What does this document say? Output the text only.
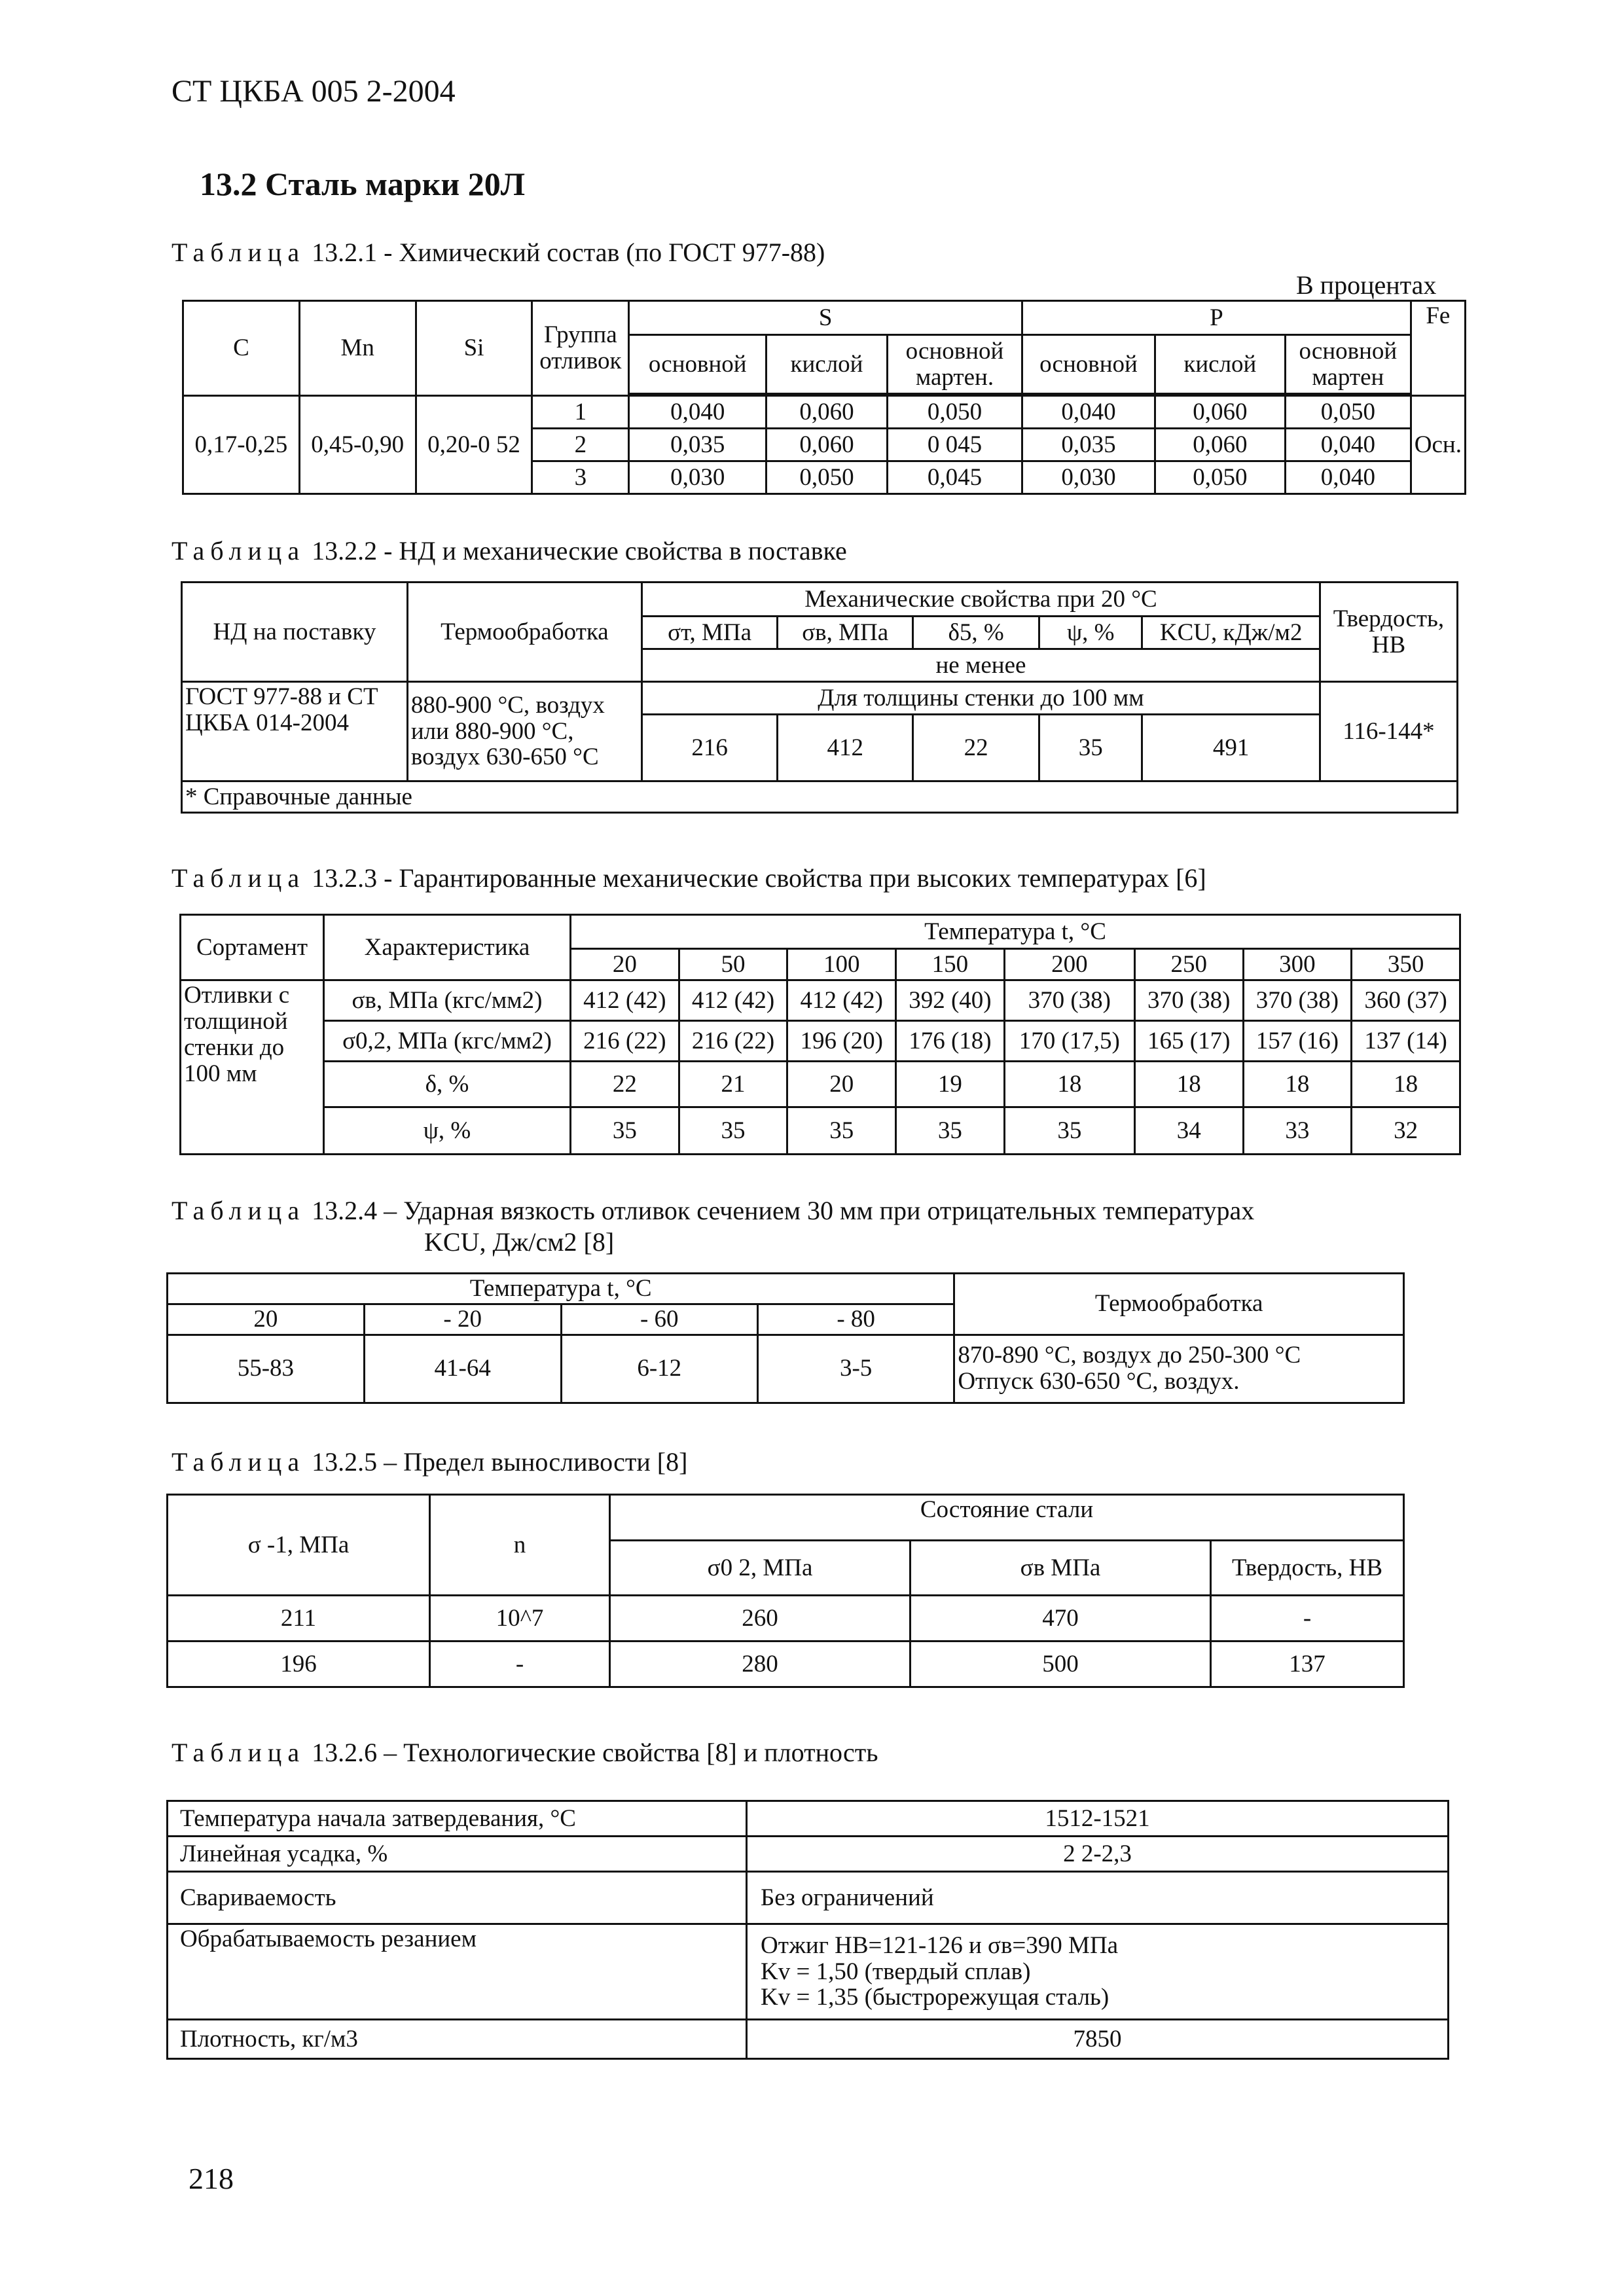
СТ ЦКБА 005 2-2004
13.2 Сталь марки 20Л
Таблица 13.2.1 - Химический состав (по ГОСТ 977-88)
В процентах
С	Mn	Si	Группа отливок	S			P			Fe
				основной	кислой	основной мартен.	основной	кислой	основной мартен	

0,17-0,25	0,45-0,90	0,20-0 52	1	0,040	0,060	0,050	0,040	0,060	0,050	Осн.
			2	0,035	0,060	0 045	0,035	0,060	0,040	
			3	0,030	0,050	0,045	0,030	0,050	0,040	
Таблица 13.2.2 - НД и механические свойства в поставке
НД на поставку	Термообработка	Механические свойства при 20 °С					Твердость, НВ
		σт, МПа	σв, МПа	δ5, %	ψ, %	KCU, кДж/м2	
		не менее					
ГОСТ 977-88 и СТ ЦКБА 014-2004	880-900 °С, воздух или 880-900 °С, воздух 630-650 °С	Для толщины стенки до 100 мм					116-144*
		216	412	22	35	491	
* Справочные данные							
Таблица 13.2.3 - Гарантированные механические свойства при высоких температурах [6]
Сортамент	Характеристика	Температура t, °С							
		20	50	100	150	200	250	300	350
Отливки с толщиной стенки до 100 мм	σв, МПа (кгс/мм2)	412 (42)	412 (42)	412 (42)	392 (40)	370 (38)	370 (38)	370 (38)	360 (37)
	σ0,2, МПа (кгс/мм2)	216 (22)	216 (22)	196 (20)	176 (18)	170 (17,5)	165 (17)	157 (16)	137 (14)
	δ, %	22	21	20	19	18	18	18	18
	ψ, %	35	35	35	35	35	34	33	32
Таблица 13.2.4 – Ударная вязкость отливок сечением 30 мм при отрицательных температурах
KCU, Дж/см2 [8]
Температура t, °С				Термообработка
20	- 20	- 60	- 80	
55-83	41-64	6-12	3-5	870-890 °С, воздух до 250-300 °С
Отпуск 630-650 °С, воздух.
Таблица 13.2.5 – Предел выносливости [8]
σ -1, МПа	n	Состояние стали		
		σ0 2, МПа	σв МПа	Твердость, НВ
211	10^7	260	470	-
196	-	280	500	137
Таблица 13.2.6 – Технологические свойства [8] и плотность
Температура начала затвердевания, °С	1512-1521
Линейная усадка, %	2 2-2,3
Свариваемость	Без ограничений
Обрабатываемость резанием	Отжиг НВ=121-126 и σв=390 МПа
Kv = 1,50 (твердый сплав)
Kv = 1,35 (быстрорежущая сталь)

Плотность, кг/м3	7850
218
